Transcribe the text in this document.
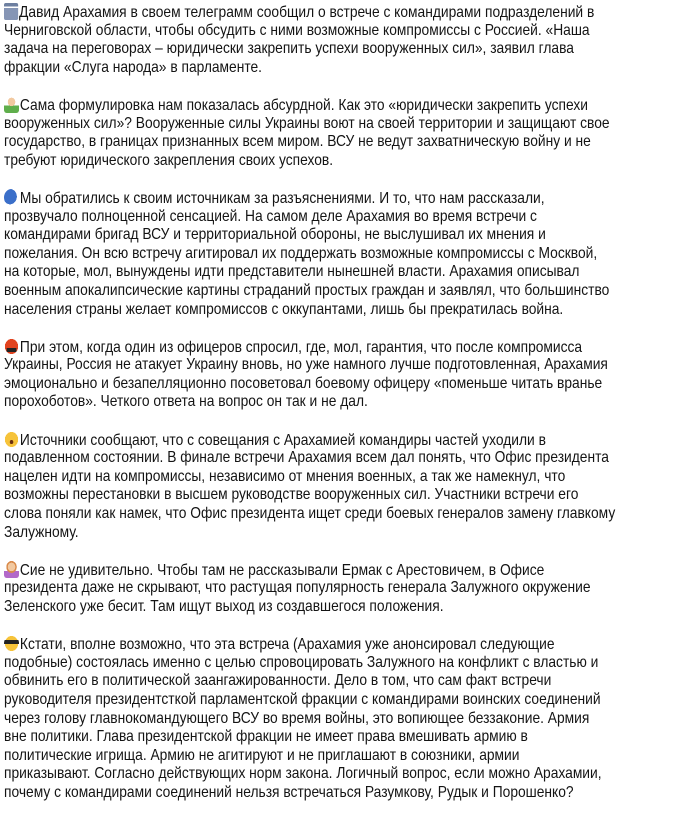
Давид Арахамия в своем телеграмм сообщил о встрече с командирами подразделений в
Черниговской области, чтобы обсудить с ними возможные компромиссы с Россией. «Наша
задача на переговорах – юридически закрепить успехи вооруженных сил», заявил глава
фракции «Слуга народа» в парламенте.
Сама формулировка нам показалась абсурдной. Как это «юридически закрепить успехи
вооруженных сил»? Вооруженные силы Украины воют на своей территории и защищают свое
государство, в границах признанных всем миром. ВСУ не ведут захватническую войну и не
требуют юридического закрепления своих успехов.
Мы обратились к своим источникам за разъяснениями. И то, что нам рассказали,
прозвучало полноценной сенсацией. На самом деле Арахамия во время встречи с
командирами бригад ВСУ и территориальной обороны, не выслушивал их мнения и
пожелания. Он всю встречу агитировал их поддержать возможные компромиссы с Москвой,
на которые, мол, вынуждены идти представители нынешней власти. Арахамия описывал
военным апокалипсические картины страданий простых граждан и заявлял, что большинство
населения страны желает компромиссов с оккупантами, лишь бы прекратилась война.
При этом, когда один из офицеров спросил, где, мол, гарантия, что после компромисса
Украины, Россия не атакует Украину вновь, но уже намного лучше подготовленная, Арахамия
эмоционально и безапелляционно посоветовал боевому офицеру «поменьше читать вранье
порохоботов». Четкого ответа на вопрос он так и не дал.
Источники сообщают, что с совещания с Арахамией командиры частей уходили в
подавленном состоянии. В финале встречи Арахамия всем дал понять, что Офис президента
нацелен идти на компромиссы, независимо от мнения военных, а так же намекнул, что
возможны перестановки в высшем руководстве вооруженных сил. Участники встречи его
слова поняли как намек, что Офис президента ищет среди боевых генералов замену главкому
Залужному.
Сие не удивительно. Чтобы там не рассказывали Ермак с Арестовичем, в Офисе
президента даже не скрывают, что растущая популярность генерала Залужного окружение
Зеленского уже бесит. Там ищут выход из создавшегося положения.
Кстати, вполне возможно, что эта встреча (Арахамия уже анонсировал следующие
подобные) состоялась именно с целью спровоцировать Залужного на конфликт с властью и
обвинить его в политической заангажированности. Дело в том, что сам факт встречи
руководителя президентсткой парламентской фракции с командирами воинских соединений
через голову главнокомандующего ВСУ во время войны, это вопиющее беззаконие. Армия
вне политики. Глава президентской фракции не имеет права вмешивать армию в
политические игрища. Армию не агитируют и не приглашают в союзники, армии
приказывают. Согласно действующих норм закона. Логичный вопрос, если можно Арахамии,
почему с командирами соединений нельзя встречаться Разумкову, Рудык и Порошенко?
